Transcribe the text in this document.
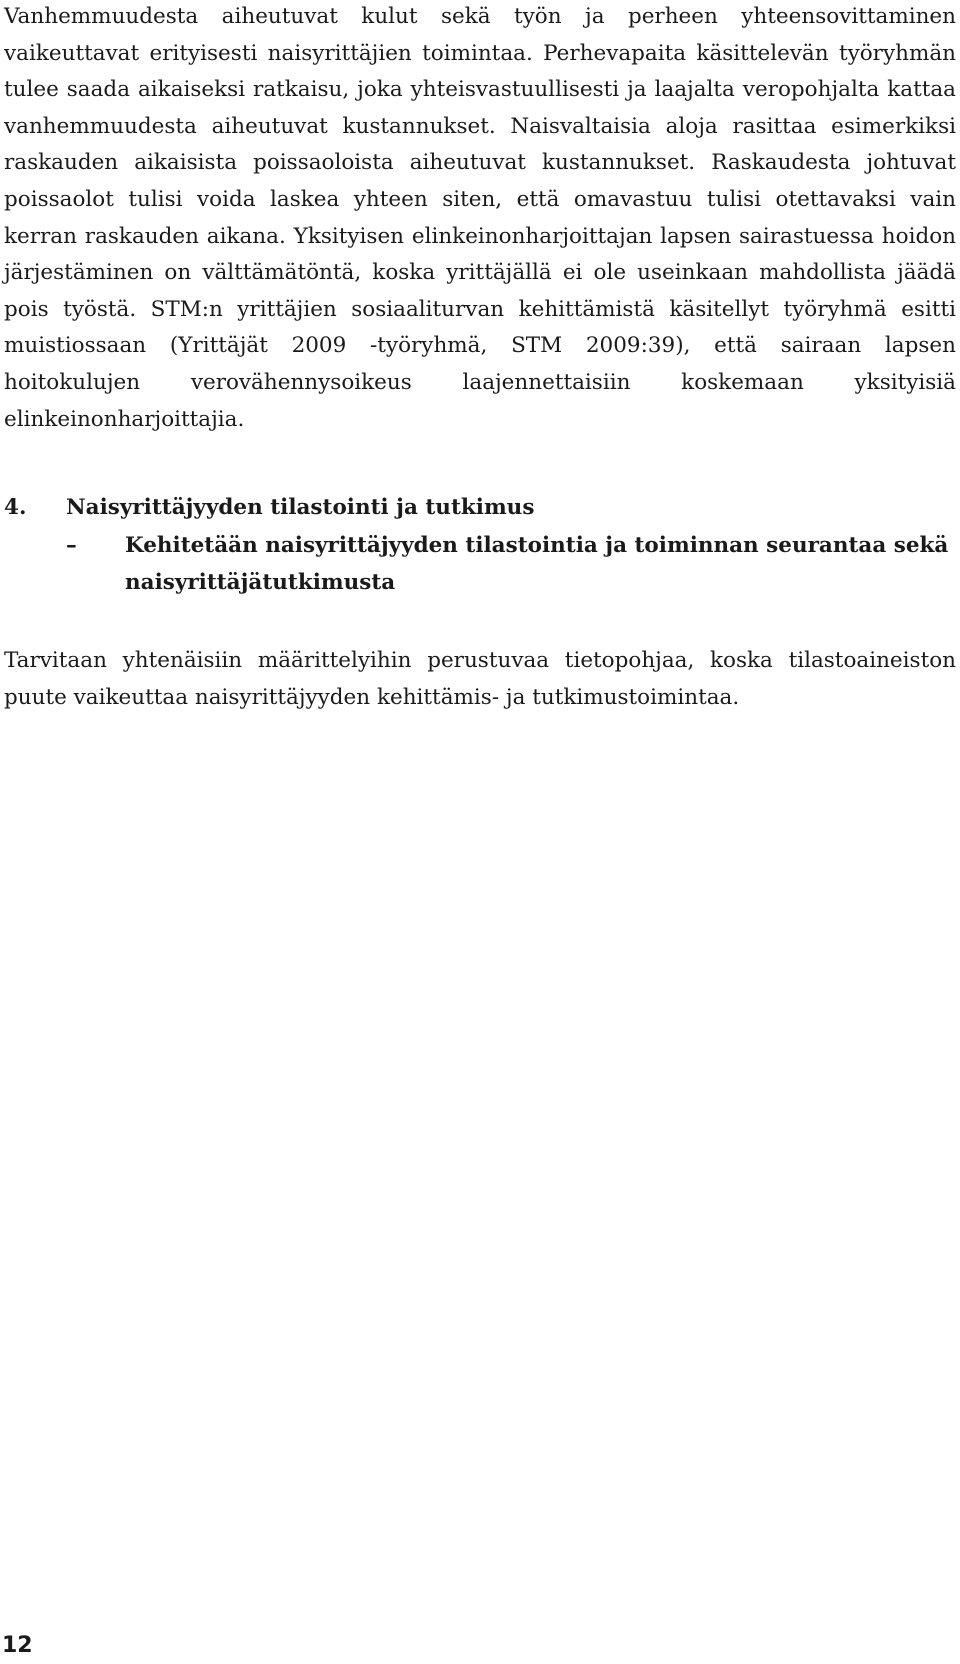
Vanhemmuudesta aiheutuvat kulut sekä työn ja perheen yhteensovittaminen vaikeuttavat erityisesti naisyrittäjien toimintaa. Perhevapaita käsittelevän työryhmän tulee saada aikaiseksi ratkaisu, joka yhteisvastuullisesti ja laajalta veropohjalta kattaa vanhemmuudesta aiheutuvat kustannukset. Naisvaltaisia aloja rasittaa esimerkiksi raskauden aikaisista poissaoloista aiheutuvat kustannukset. Raskaudesta johtuvat poissaolot tulisi voida laskea yhteen siten, että omavastuu tulisi otettavaksi vain kerran raskauden aikana. Yksityisen elinkeinonharjoittajan lapsen sairastuessa hoidon järjestäminen on välttämätöntä, koska yrittäjällä ei ole useinkaan mahdollista jäädä pois työstä. STM:n yrittäjien sosiaaliturvan kehittämistä käsitellyt työryhmä esitti muistiossaan (Yrittäjät 2009 -työryhmä, STM 2009:39), että sairaan lapsen hoitokulujen verovähennysoikeus laajennettaisiin koskemaan yksityisiä elinkeinonharjoittajia.

4. Naisyrittäjyyden tilastointi ja tutkimus
– Kehitetään naisyrittäjyyden tilastointia ja toiminnan seurantaa sekä naisyrittäjätutkimusta

Tarvitaan yhtenäisiin määrittelyihin perustuvaa tietopohjaa, koska tilastoaineiston puute vaikeuttaa naisyrittäjyyden kehittämis- ja tutkimustoimintaa.

12
